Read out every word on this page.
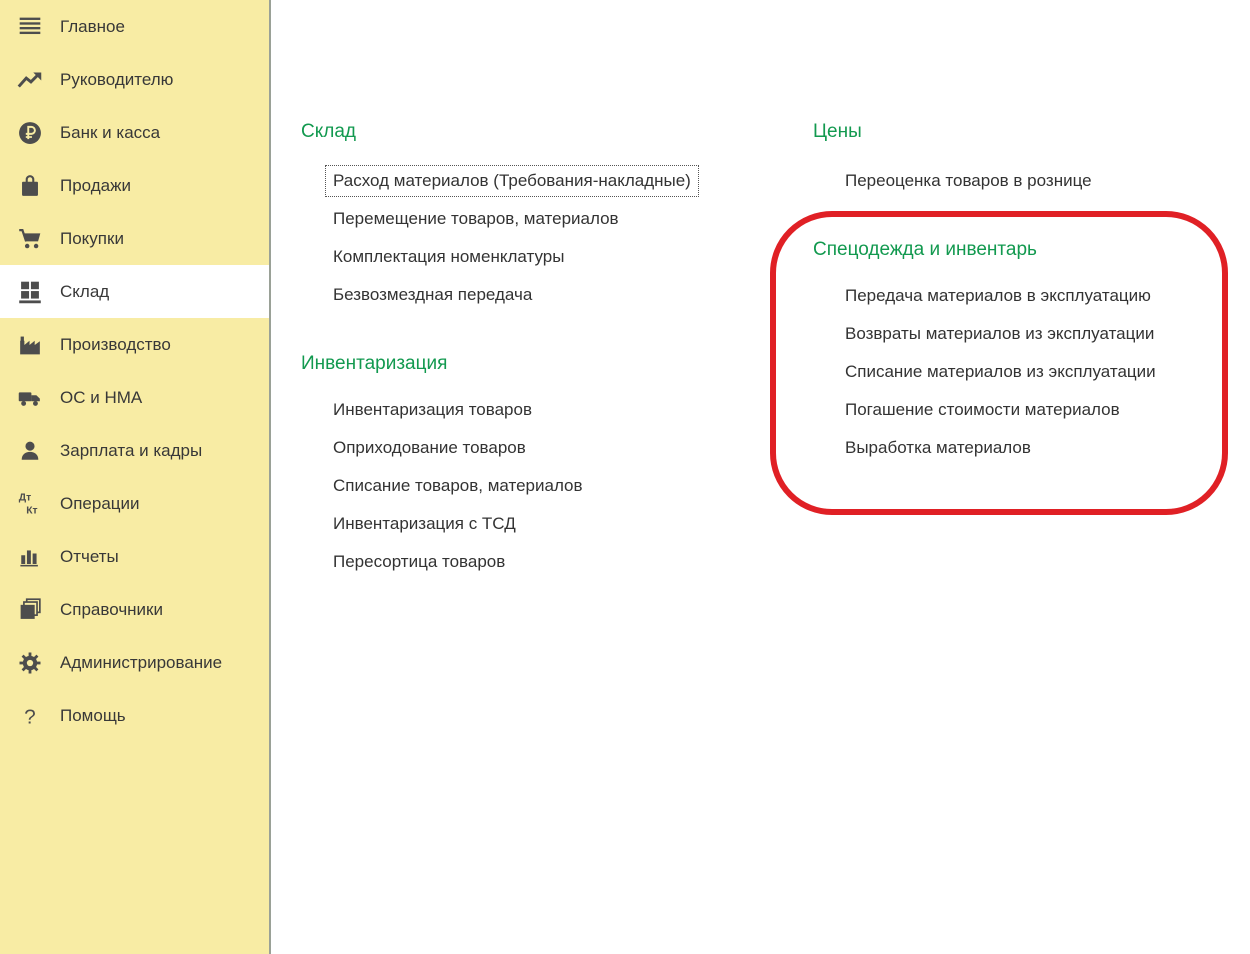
Главное
Руководителю
Банк и касса
Продажи
Покупки
Склад
Производство
ОС и НМА
Зарплата и кадры
Дт
Кт Операции
Отчеты
Справочники
Администрирование
? Помощь
Склад
Расход материалов (Требования-накладные)
Перемещение товаров, материалов
Комплектация номенклатуры
Безвозмездная передача
Инвентаризация
Инвентаризация товаров
Оприходование товаров
Списание товаров, материалов
Инвентаризация с ТСД
Пересортица товаров
Цены
Переоценка товаров в рознице
Спецодежда и инвентарь
Передача материалов в эксплуатацию
Возвраты материалов из эксплуатации
Списание материалов из эксплуатации
Погашение стоимости материалов
Выработка материалов
